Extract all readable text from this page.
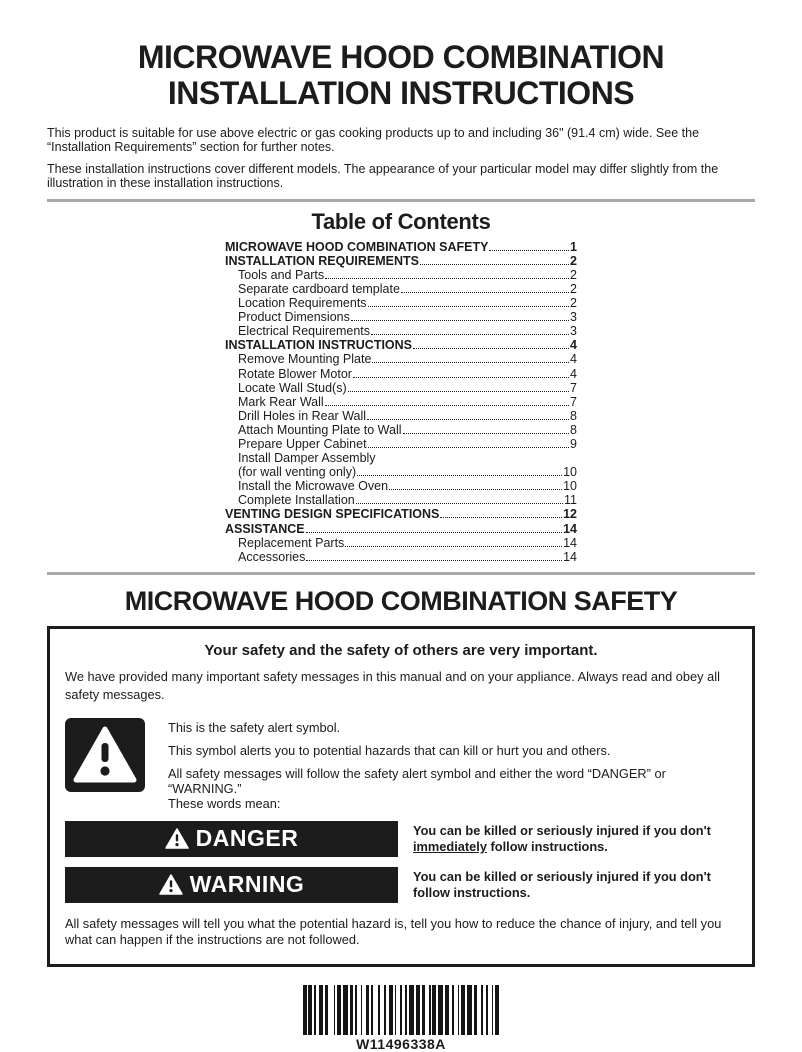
MICROWAVE HOOD COMBINATION
INSTALLATION INSTRUCTIONS

This product is suitable for use above electric or gas cooking products up to and including 36" (91.4 cm) wide. See the “Installation Requirements” section for further notes.

These installation instructions cover different models. The appearance of your particular model may differ slightly from the illustration in these installation instructions.

Table of Contents
MICROWAVE HOOD COMBINATION SAFETY	1
INSTALLATION REQUIREMENTS	2
Tools and Parts	2
Separate cardboard template	2
Location Requirements	2
Product Dimensions	3
Electrical Requirements	3
INSTALLATION INSTRUCTIONS	4
Remove Mounting Plate	4
Rotate Blower Motor	4
Locate Wall Stud(s)	7
Mark Rear Wall	7
Drill Holes in Rear Wall	8
Attach Mounting Plate to Wall	8
Prepare Upper Cabinet	9
Install Damper Assembly
(for wall venting only)	10
Install the Microwave Oven	10
Complete Installation	11
VENTING DESIGN SPECIFICATIONS	12
ASSISTANCE	14
Replacement Parts	14
Accessories	14
MICROWAVE HOOD COMBINATION SAFETY
Your safety and the safety of others are very important.
We have provided many important safety messages in this manual and on your appliance. Always read and obey all safety messages.
This is the safety alert symbol.
This symbol alerts you to potential hazards that can kill or hurt you and others.
All safety messages will follow the safety alert symbol and either the word “DANGER” or “WARNING.”
These words mean:
DANGER	You can be killed or seriously injured if you don't immediately follow instructions.
WARNING	You can be killed or seriously injured if you don't follow instructions.
All safety messages will tell you what the potential hazard is, tell you how to reduce the chance of injury, and tell you what can happen if the instructions are not followed.
W11496338A
